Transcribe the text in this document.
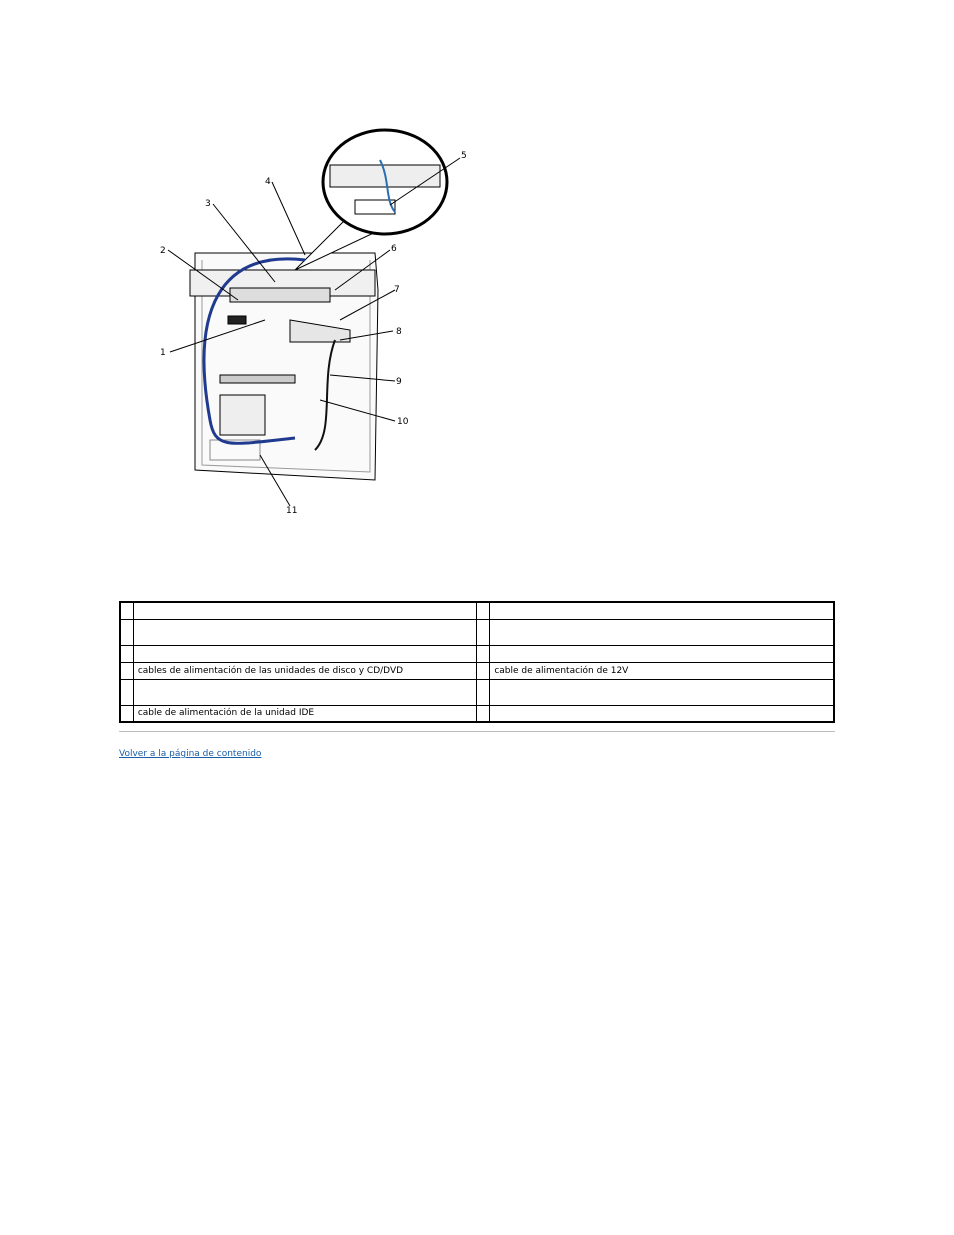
1
2
3
4
5
6
7
8
9
10
11

	cables de alimentación de las unidades de disco y CD/DVD		cable de alimentación de 12V

	cable de alimentación de la unidad IDE		
Volver a la página de contenido
